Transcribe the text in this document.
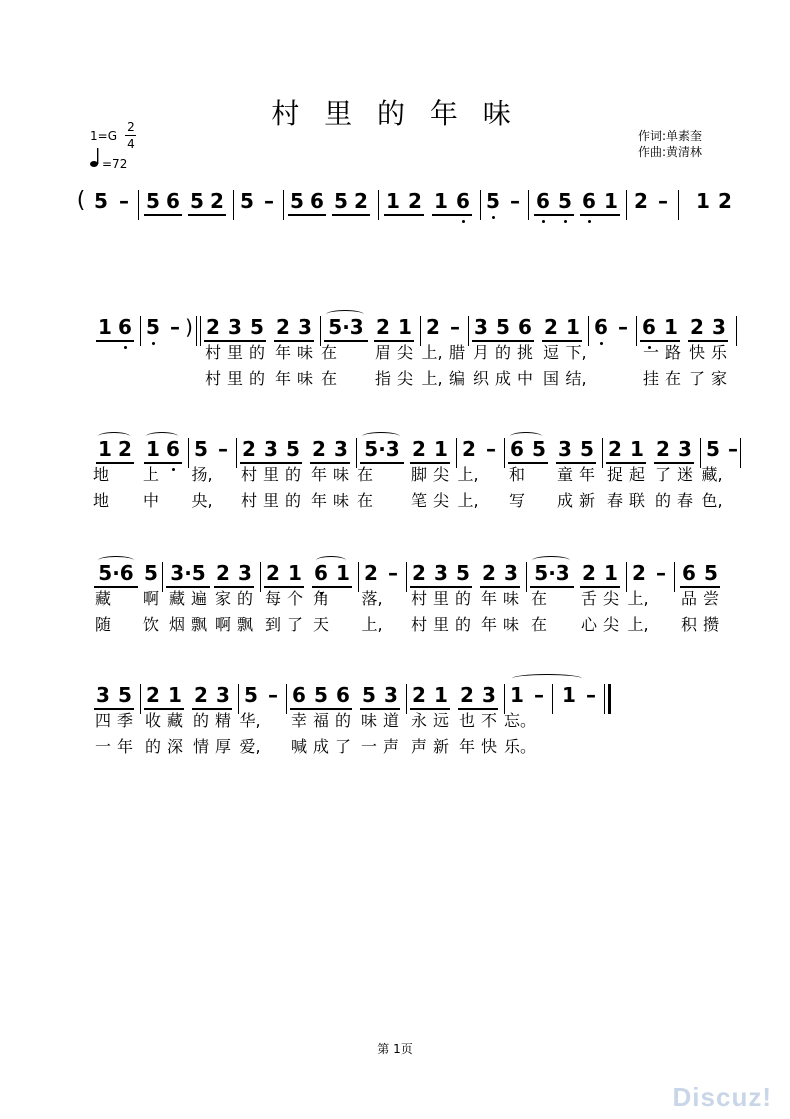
村 里 的 年 味
1=G
2
4
=72
作词:单素奎
作曲:黄清林
( 5 – 5 6 5 2 5 – 5 6 5 2 1 2 1 6 5 – 6 5 6 1 2 – 1 2
1 6 5 – ) 2 3 5 2 3 5·3 2 1 2 – 3 5 6 2 1 6 – 6 1 2 3
村 里 的 年 味 在 眉 尖 上, 腊 月 的 挑 逗 下,	一 路 快 乐
村 里 的 年 味 在 指 尖 上, 编 织 成 中 国 结,	挂 在 了 家
1 2 1 6 5 – 2 3 5 2 3 5·3 2 1 2 – 6 5 3 5 2 1 2 3 5 –
地
地 上 扬, 村 里 的 年 味 在 脚 尖 上, 和 童 年 捉 起 了 迷 藏,
中 央, 村 里 的 年 味 在 笔 尖 上, 写 成 新 春 联 的 春 色,
5·6 5 3·5 2 3 2 1 6 1 2 – 2 3 5 2 3 5·3 2 1 2 – 6 5
藏 啊 藏 遍 家 的 每 个 角 落, 村 里 的 年 味 在 舌 尖 上, 品 尝
随 饮 烟 飘 啊 飘 到 了 天 上, 村 里 的 年 味 在 心 尖 上, 积 攒
3 5 2 1 2 3 5 – 6 5 6 5 3 2 1 2 3 1 – 1 –
四 季 收 藏 的 精 华, 幸 福 的 味 道 永 远 也 不 忘。
一 年 的 深 情 厚 爱, 喊 成 了 一 声 声 新 年 快 乐。
第 1页
Discuz!
